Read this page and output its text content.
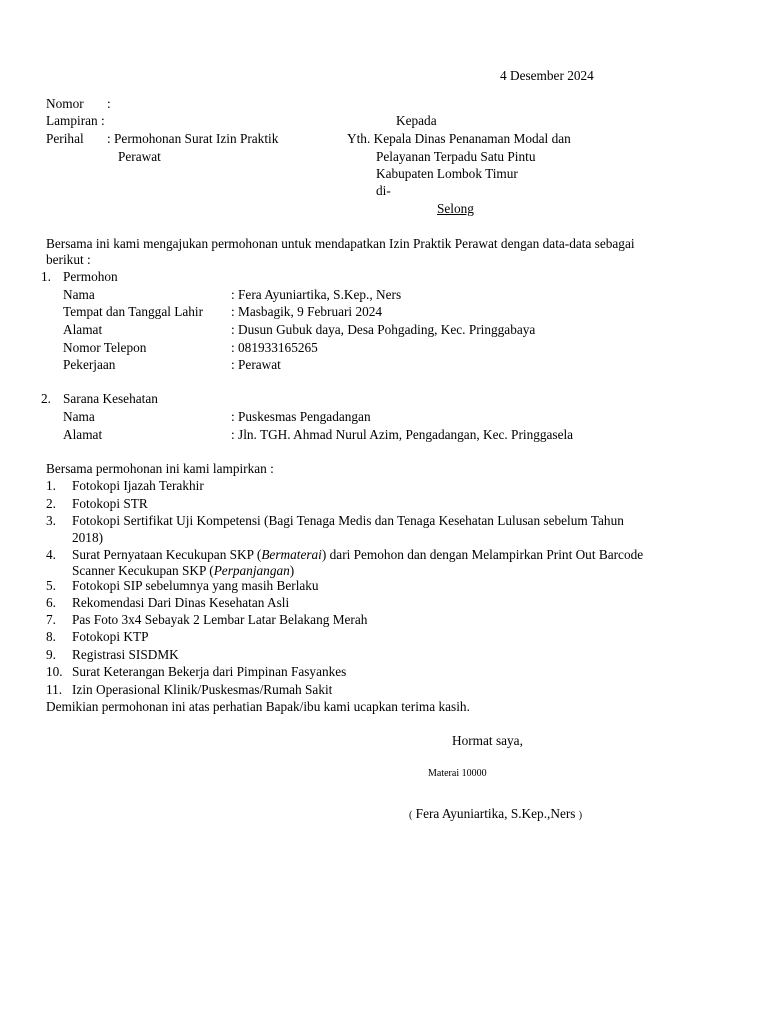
4 Desember 2024
Nomor :
Lampiran :
Perihal : Permohonan Surat Izin Praktik
Perawat
Kepada
Yth. Kepala Dinas Penanaman Modal dan
Pelayanan Terpadu Satu Pintu
Kabupaten Lombok Timur
di-
Selong
Bersama ini kami mengajukan permohonan untuk mendapatkan Izin Praktik Perawat dengan data-data sebagai
berikut :
1. Permohon
Nama	: Fera Ayuniartika, S.Kep., Ners
Tempat dan Tanggal Lahir : Masbagik, 9 Februari 2024
Alamat	: Dusun Gubuk daya, Desa Pohgading, Kec. Pringgabaya
Nomor Telepon	: 081933165265
Pekerjaan	: Perawat
2. Sarana Kesehatan
Nama	: Puskesmas Pengadangan
Alamat	: Jln. TGH. Ahmad Nurul Azim, Pengadangan, Kec. Pringgasela
Bersama permohonan ini kami lampirkan :
1. Fotokopi Ijazah Terakhir
2. Fotokopi STR
3. Fotokopi Sertifikat Uji Kompetensi (Bagi Tenaga Medis dan Tenaga Kesehatan Lulusan sebelum Tahun
2018)
4. Surat Pernyataan Kecukupan SKP (Bermaterai) dari Pemohon dan dengan Melampirkan Print Out Barcode
Scanner Kecukupan SKP (Perpanjangan)
5. Fotokopi SIP sebelumnya yang masih Berlaku
6. Rekomendasi Dari Dinas Kesehatan Asli
7. Pas Foto 3x4 Sebayak 2 Lembar Latar Belakang Merah
8. Fotokopi KTP
9. Registrasi SISDMK
10. Surat Keterangan Bekerja dari Pimpinan Fasyankes
11. Izin Operasional Klinik/Puskesmas/Rumah Sakit
Demikian permohonan ini atas perhatian Bapak/ibu kami ucapkan terima kasih.
Hormat saya,
Materai 10000
( Fera Ayuniartika, S.Kep.,Ners )
